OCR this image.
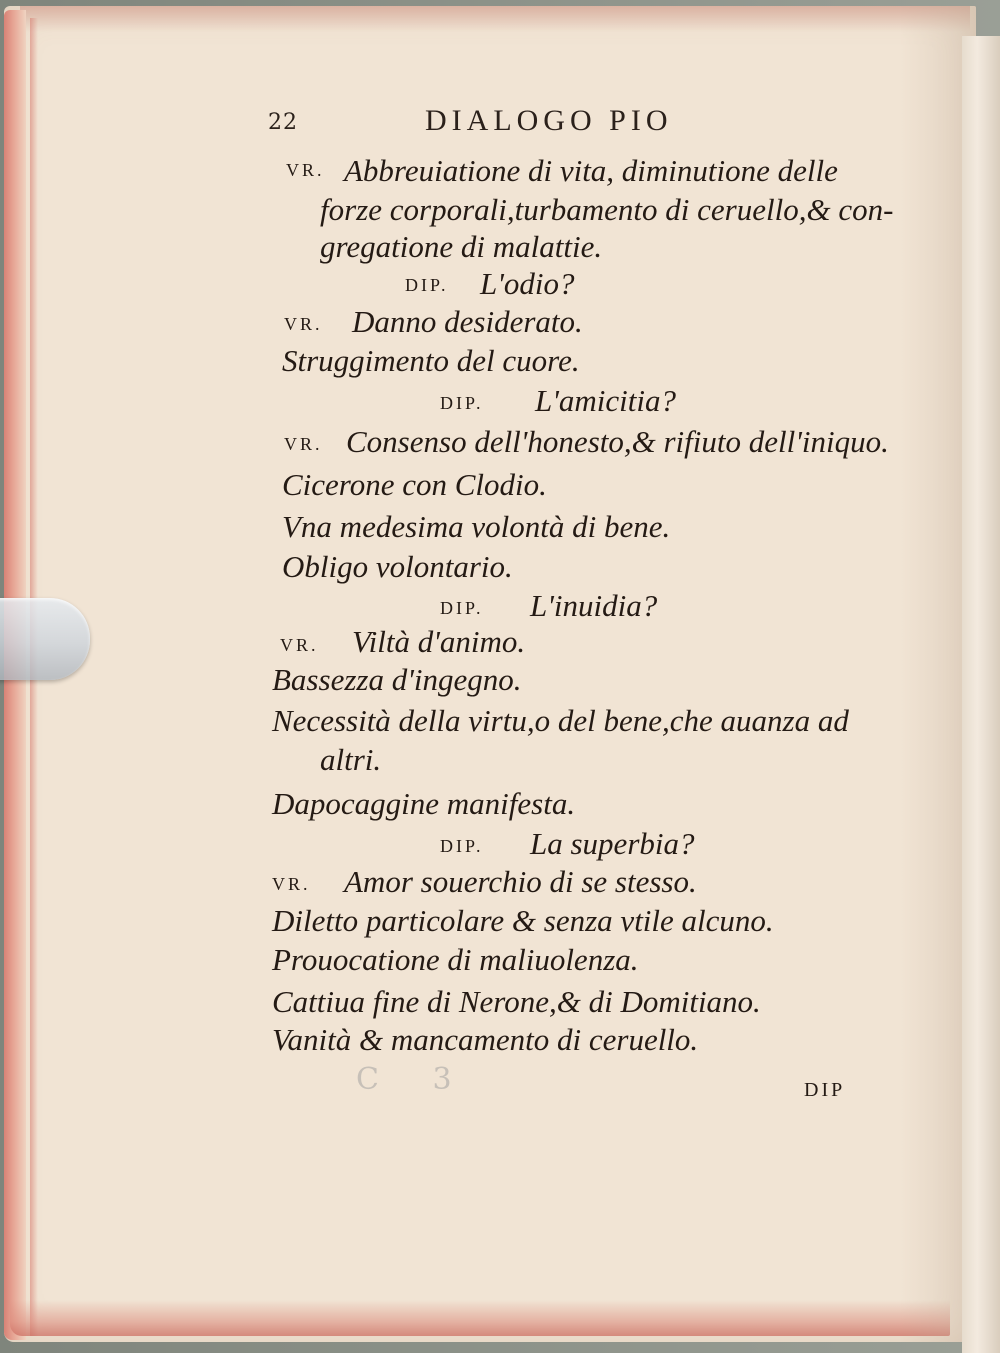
22	DIALOGO PIO
VR. Abbreuiatione di vita, diminutione delle
forze corporali,turbamento di ceruello,& con-
gregatione di malattie.
DIP. L'odio?
VR. Danno desiderato.
Struggimento del cuore.
DIP. L'amicitia?
VR. Consenso dell'honesto,& rifiuto dell'iniquo.
Cicerone con Clodio.
Vna medesima volontà di bene.
Obligo volontario.
DIP. L'inuidia?
VR. Viltà d'animo.
Bassezza d'ingegno.
Necessità della virtu,o del bene,che auanza ad
altri.
Dapocaggine manifesta.
DIP. La superbia?
VR. Amor souerchio di se stesso.
Diletto particolare & senza vtile alcuno.
Prouocatione di maliuolenza.
Cattiua fine di Nerone,& di Domitiano.
Vanità & mancamento di ceruello.
C 3	DIP
